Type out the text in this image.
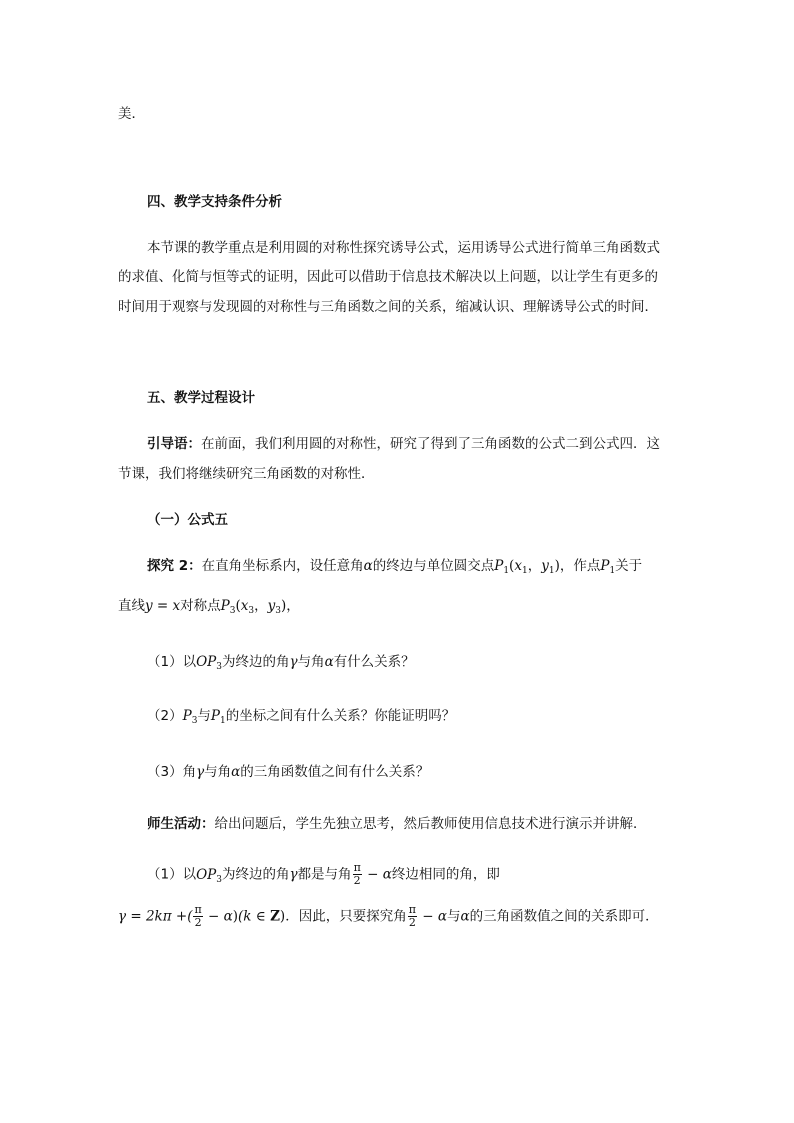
美．
四、教学支持条件分析
本节课的教学重点是利用圆的对称性探究诱导公式，运用诱导公式进行简单三角函数式
的求值、化简与恒等式的证明，因此可以借助于信息技术解决以上问题，以让学生有更多的
时间用于观察与发现圆的对称性与三角函数之间的关系，缩减认识、理解诱导公式的时间．
五、教学过程设计
引导语：在前面，我们利用圆的对称性，研究了得到了三角函数的公式二到公式四．这
节课，我们将继续研究三角函数的对称性．
（一）公式五
探究 2：在直角坐标系内，设任意角α的终边与单位圆交点$P_1(x_1$，$y_1$)，作点$P_1$关于
直线y = x对称点$P_3(x_3$，$y_3$)，
（1）以$OP_3$为终边的角γ与角α有什么关系？
$(2)P_3$与$P_1$的坐标之间有什么关系？你能证明吗？
（3）角γ与角α的三角函数值之间有什么关系？
师生活动：给出问题后，学生先独立思考，然后教师使用信息技术进行演示并讲解．
（1）以$OP_3$为终边的角γ都是与角 $\frac{\pi}{2} - \alpha$终边相同的角，即
γ = 2kπ +( $\frac{\pi}{2} - \alpha)(k$ ∈ Z)．因此，只要探究角 $\frac{\pi}{2} - \alpha$与α的三角函数值之间的关系即可．
